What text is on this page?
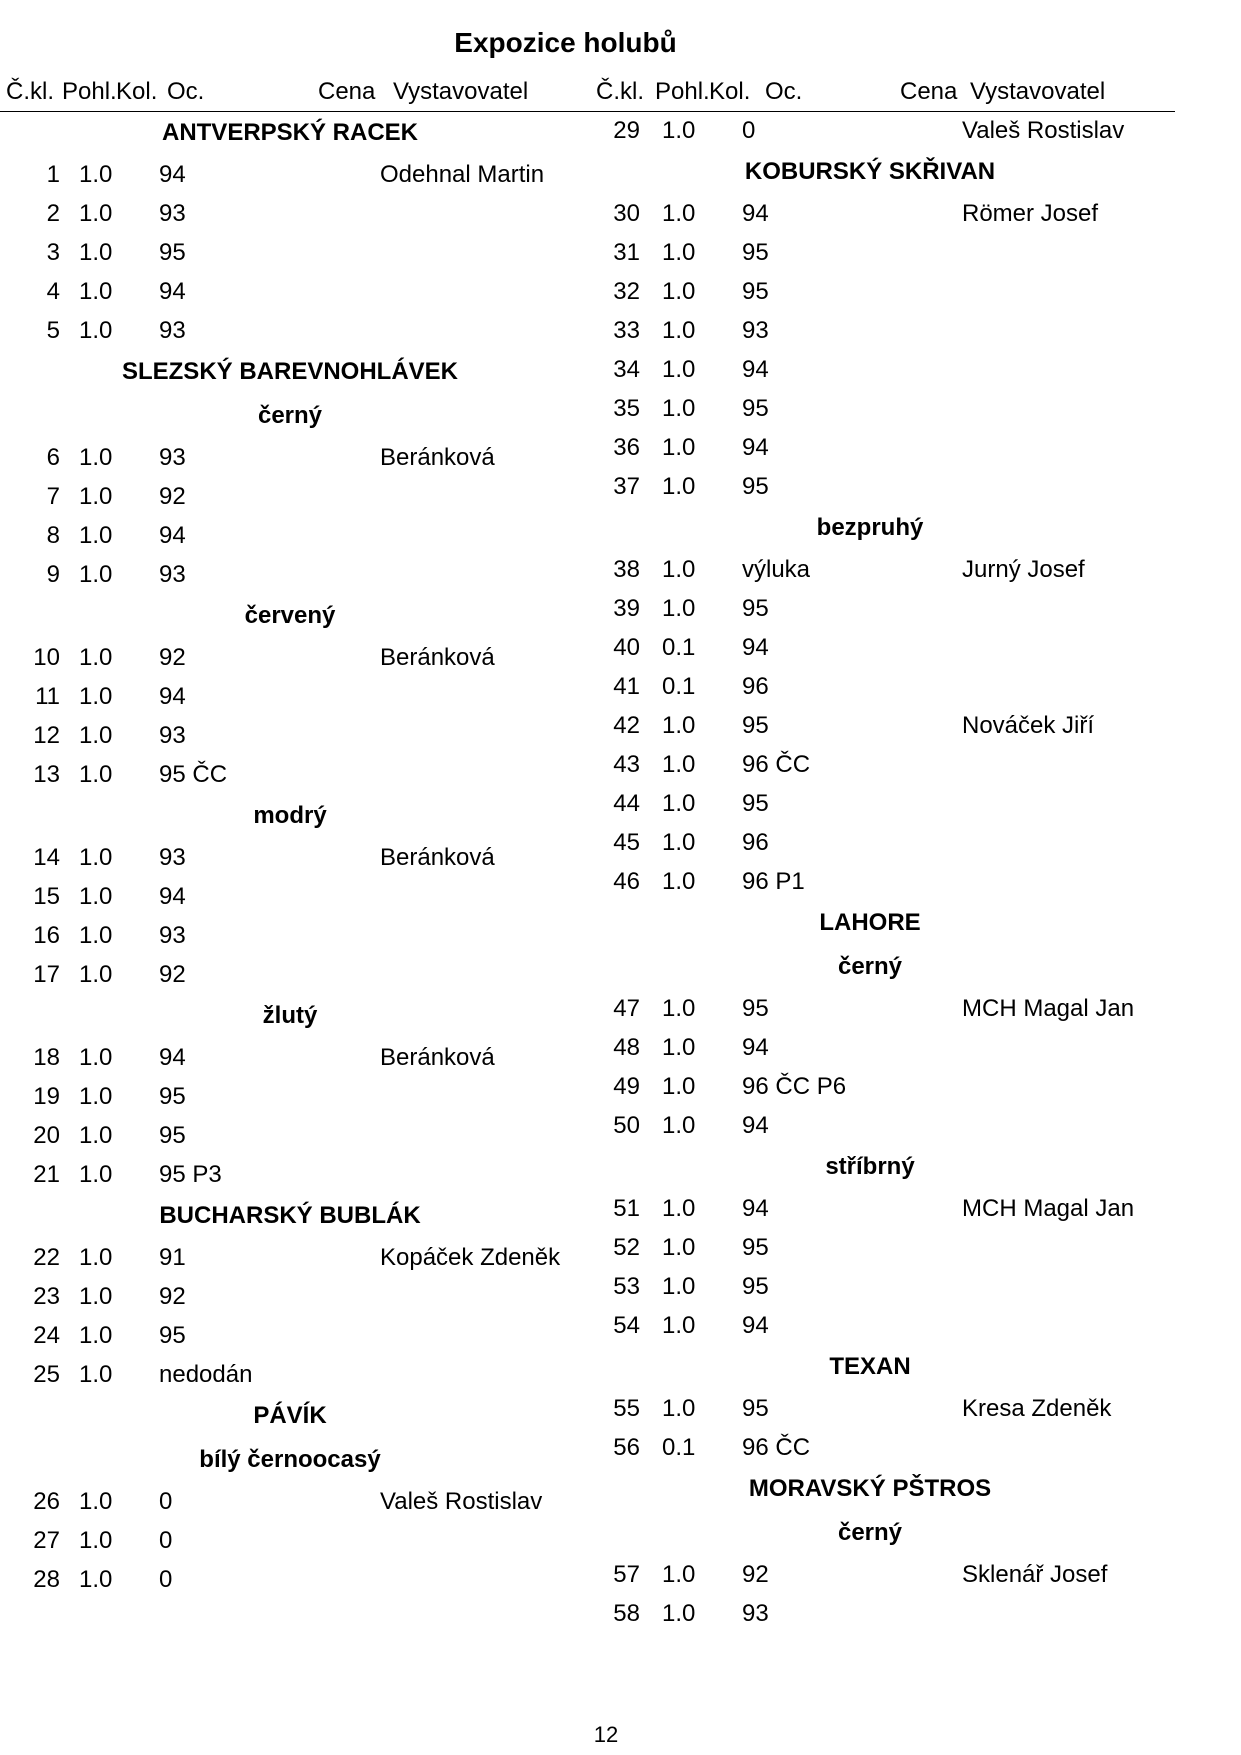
Expozice holubů
Č.kl. Pohl. Kol. Oc.	Cena Vystavovatel	Č.kl. Pohl. Kol. Oc.	Cena Vystavovatel
ANTVERPSKÝ RACEK
1 1.0 94	Odehnal Martin
2 1.0 93
3 1.0 95
4 1.0 94
5 1.0 93
SLEZSKÝ BAREVNOHLÁVEK
černý
6 1.0 93	Beránková
7 1.0 92
8 1.0 94
9 1.0 93
červený
10 1.0 92	Beránková
11 1.0 94
12 1.0 93
13 1.0 95 ČC
modrý
14 1.0 93	Beránková
15 1.0 94
16 1.0 93
17 1.0 92
žlutý
18 1.0 94	Beránková
19 1.0 95
20 1.0 95
21 1.0 95 P3
BUCHARSKÝ BUBLÁK
22 1.0 91	Kopáček Zdeněk
23 1.0 92
24 1.0 95
25 1.0 nedodán
PÁVÍK
bílý černoocasý
26 1.0 0	Valeš Rostislav
27 1.0 0
28 1.0 0
29 1.0 0	Valeš Rostislav
KOBURSKÝ SKŘIVAN
30 1.0 94	Römer Josef
31 1.0 95
32 1.0 95
33 1.0 93
34 1.0 94
35 1.0 95
36 1.0 94
37 1.0 95
bezpruhý
38 1.0 výluka	Jurný Josef
39 1.0 95
40 0.1 94
41 0.1 96
42 1.0 95	Nováček Jiří
43 1.0 96 ČC
44 1.0 95
45 1.0 96
46 1.0 96 P1
LAHORE
černý
47 1.0 95	MCH Magal Jan
48 1.0 94
49 1.0 96 ČC P6
50 1.0 94
stříbrný
51 1.0 94	MCH Magal Jan
52 1.0 95
53 1.0 95
54 1.0 94
TEXAN
55 1.0 95	Kresa Zdeněk
56 0.1 96 ČC
MORAVSKÝ PŠTROS
černý
57 1.0 92	Sklenář Josef
58 1.0 93
12
